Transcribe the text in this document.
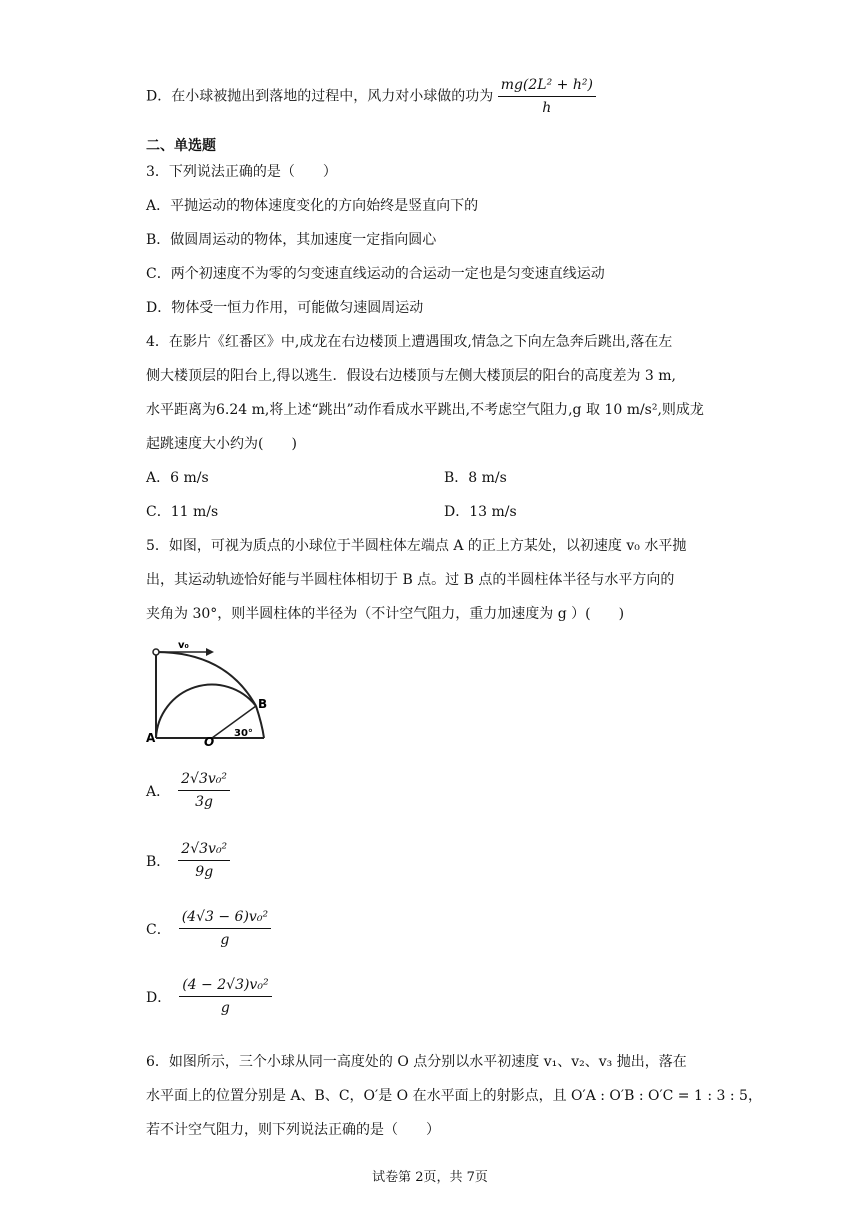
D．在小球被抛出到落地的过程中，风力对小球做的功为 $\frac{\text{mg(2L² + h²)}}{h}$
二、单选题
3．下列说法正确的是（　　）
A．平抛运动的物体速度变化的方向始终是竖直向下的
B．做圆周运动的物体，其加速度一定指向圆心
C．两个初速度不为零的匀变速直线运动的合运动一定也是匀变速直线运动
D．物体受一恒力作用，可能做匀速圆周运动
4．在影片《红番区》中,成龙在右边楼顶上遭遇围攻,情急之下向左急奔后跳出,落在左
侧大楼顶层的阳台上,得以逃生．假设右边楼顶与左侧大楼顶层的阳台的高度差为 3 m,
水平距离为6.24 m,将上述“跳出”动作看成水平跳出,不考虑空气阻力,g 取 10 m/s²,则成龙
起跳速度大小约为(　　)
A．6 m/s	B．8 m/s
C．11 m/s	D．13 m/s
5．如图，可视为质点的小球位于半圆柱体左端点 A 的正上方某处，以初速度 v₀ 水平抛
出，其运动轨迹恰好能与半圆柱体相切于 B 点。过 B 点的半圆柱体半径与水平方向的
夹角为 30°，则半圆柱体的半径为（不计空气阻力，重力加速度为 g ）(　　)
v₀
A
B
O
30°
A． $\frac{\text{2√3v₀²}}{3g}$
B． $\frac{\text{2√3v₀²}}{9g}$
C． $\frac{\text{(4√3 − 6)v₀²}}{g}$
D． $\frac{\text{(4 − 2√3)v₀²}}{g}$
6．如图所示，三个小球从同一高度处的 O 点分别以水平初速度 v₁、v₂、v₃ 抛出，落在
水平面上的位置分别是 A、B、C，O′是 O 在水平面上的射影点，且 O′A : O′B : O′C = 1 : 3 : 5，
若不计空气阻力，则下列说法正确的是（　　）
试卷第 2页，共 7页
